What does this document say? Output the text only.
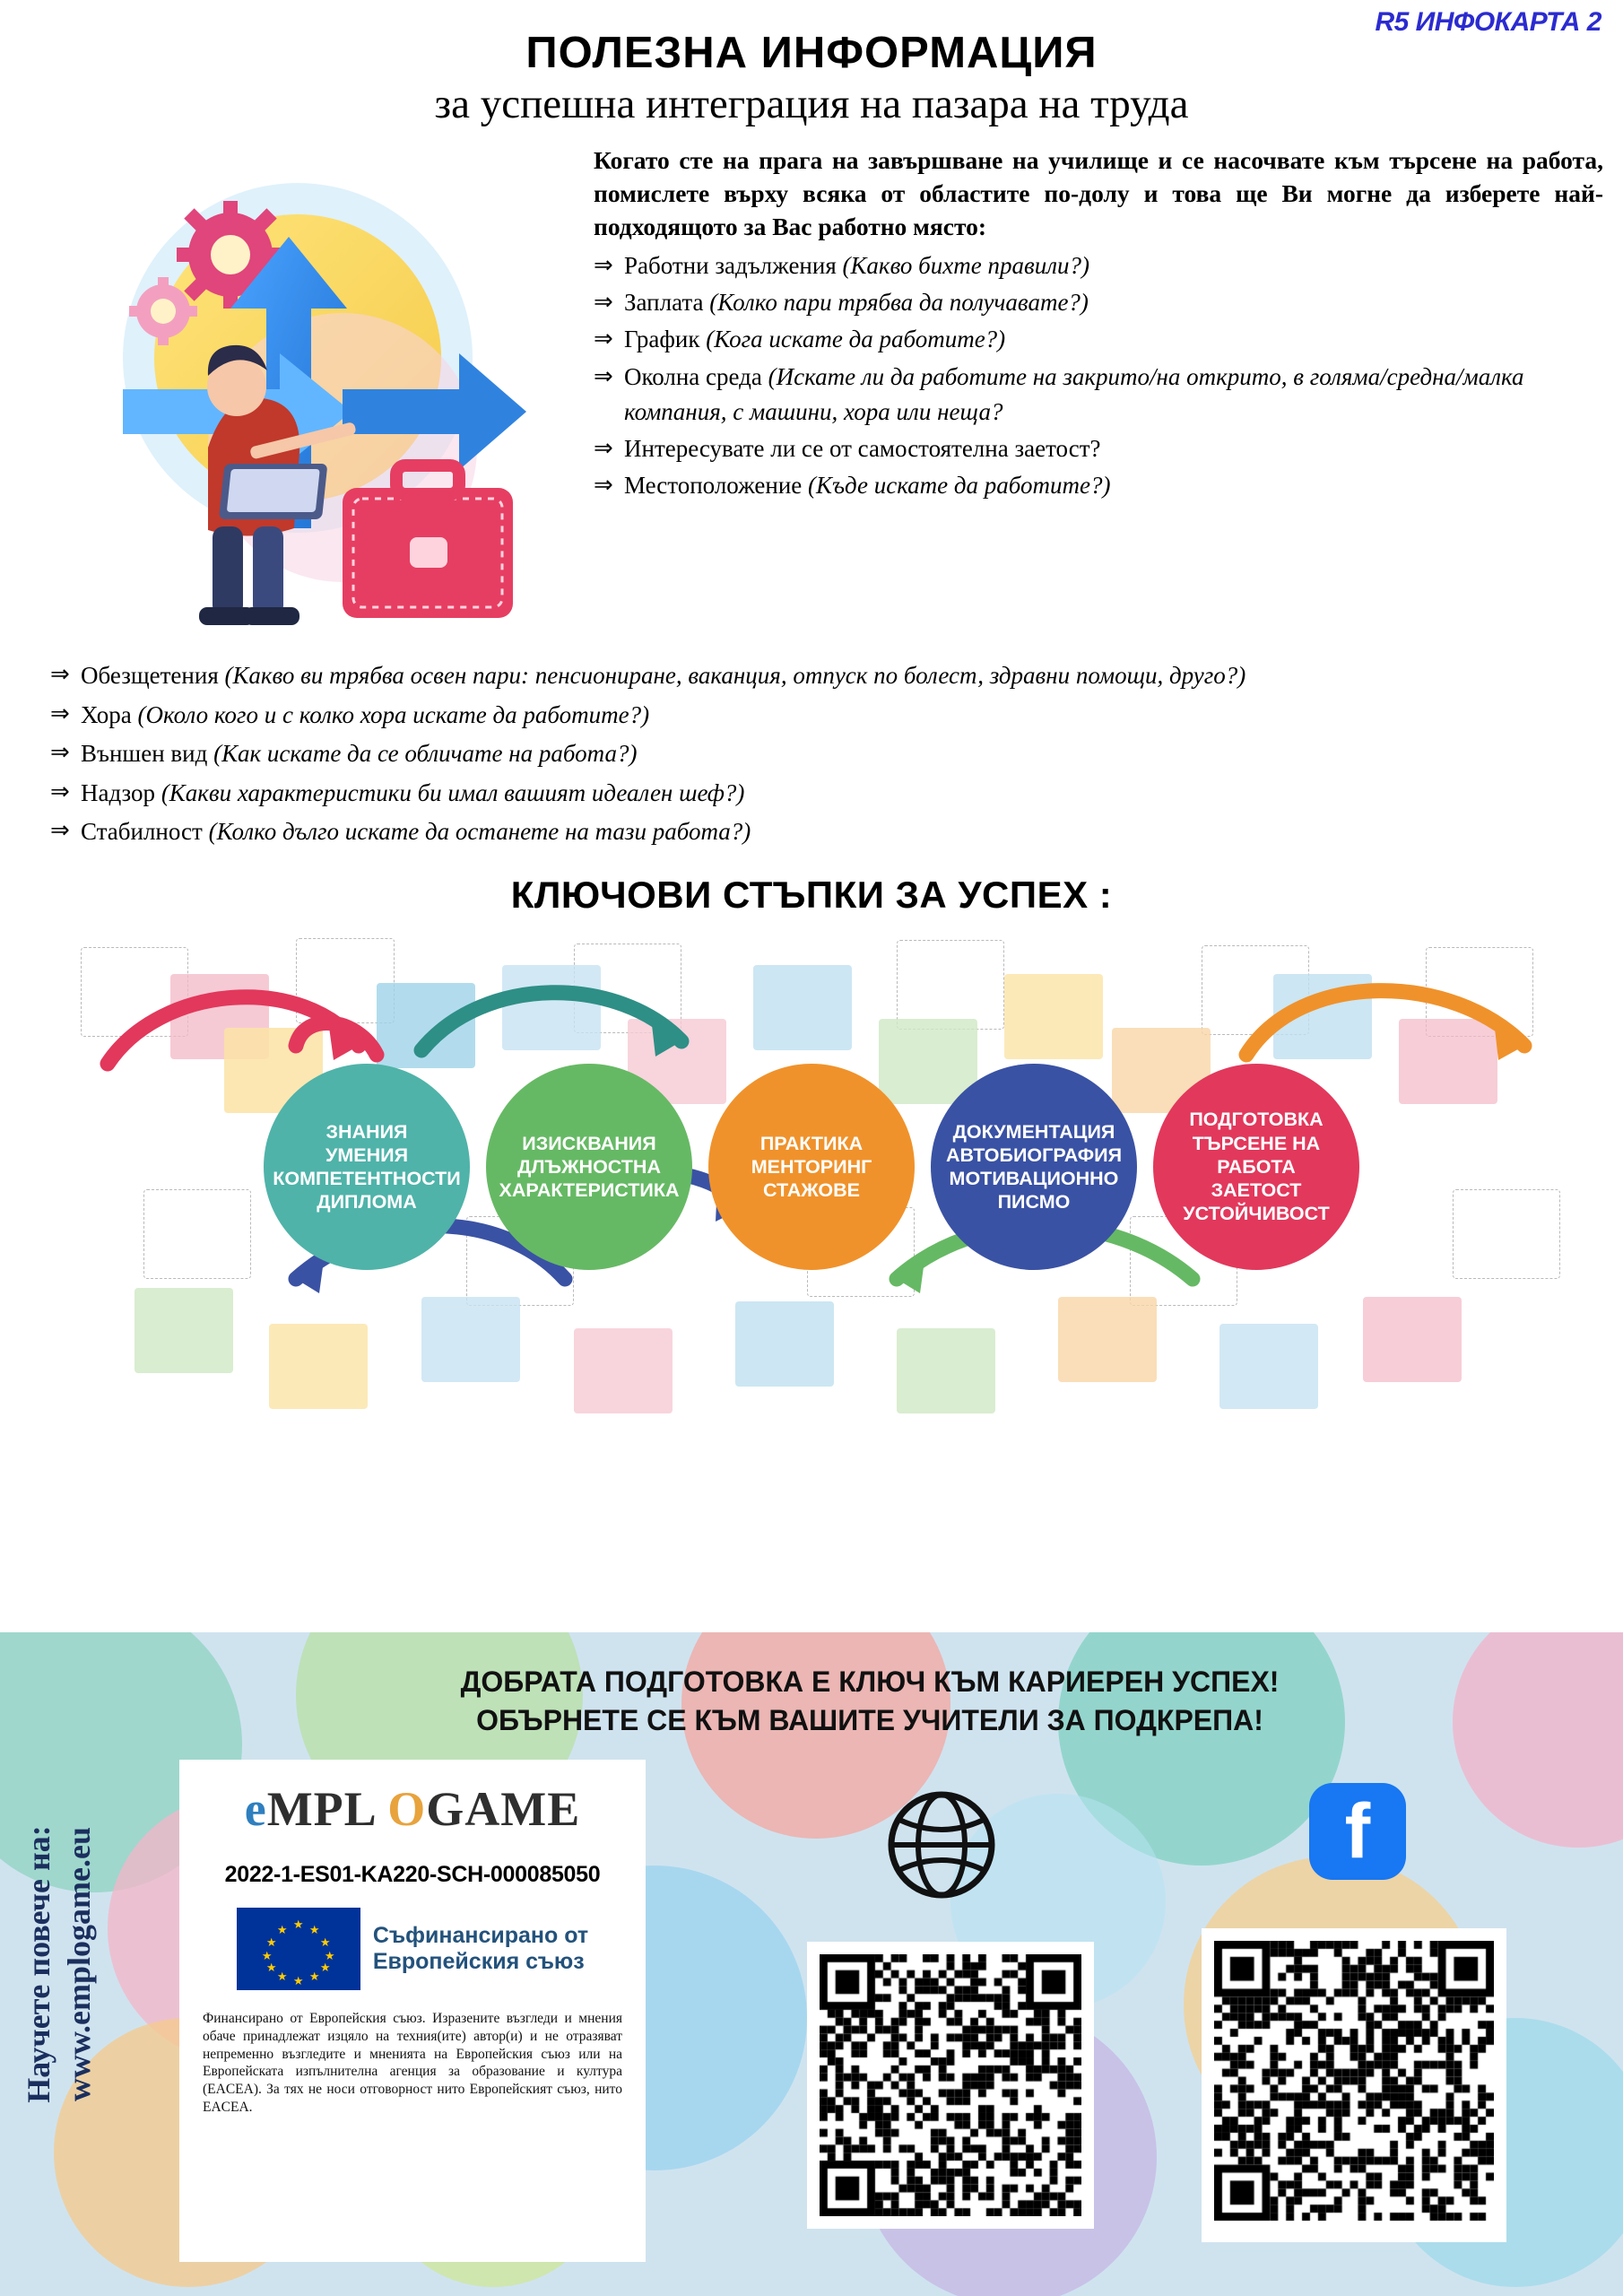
R5 ИНФОКАРТА 2
ПОЛЕЗНА ИНФОРМАЦИЯ
за успешна интеграция на пазара на труда
Когато сте на прага на завършване на училище и се насочвате към търсене на работа, помислете върху всяка от областите по-долу и това ще Ви могне да изберете най-подходящото за Вас работно място:
⇒ Работни задължения (Какво бихте правили?)
⇒ Заплата (Колко пари трябва да получавате?)
⇒ График (Кога искате да работите?)
⇒ Околна среда (Искате ли да работите на закрито/на открито, в голяма/средна/малка компания, с машини, хора или неща?
⇒ Интересувате ли се от самостоятелна заетост?
⇒ Местоположение (Къде искате да работите?)
⇒ Обезщетения (Какво ви трябва освен пари: пенсиониране, ваканция, отпуск по болест, здравни помощи, друго?)
⇒ Хора (Около кого и с колко хора искате да работите?)
⇒ Външен вид (Как искате да се обличате на работа?)
⇒ Надзор (Какви характеристики би имал вашият идеален шеф?)
⇒ Стабилност (Колко дълго искате да останете на тази работа?)
КЛЮЧОВИ СТЪПКИ ЗА УСПЕХ :
ЗНАНИЯ
УМЕНИЯ
КОМПЕТЕНТНОСТИ
ДИПЛОМА
ИЗИСКВАНИЯ
ДЛЪЖНОСТНА
ХАРАКТЕРИСТИКА
ПРАКТИКА
МЕНТОРИНГ
СТАЖОВЕ
ДОКУМЕНТАЦИЯ
АВТОБИОГРАФИЯ
МОТИВАЦИОННО
ПИСМО
ПОДГОТОВКА
ТЪРСЕНЕ НА РАБОТА
ЗАЕТОСТ
УСТОЙЧИВОСТ
Научете повече на: www.emplogame.eu
ДОБРАТА ПОДГОТОВКА Е КЛЮЧ КЪМ КАРИЕРЕН УСПЕХ!
ОБЪРНЕТЕ СЕ КЪМ ВАШИТЕ УЧИТЕЛИ ЗА ПОДКРЕПА!
eMPL OGAME
2022-1-ES01-KA220-SCH-000085050
★
★ ★
★	★
★	★
★	★
★ ★
★
Съфинансирано от
Европейския съюз
Финансирано от Европейския съюз. Изразените възгледи и мнения обаче принадлежат изцяло на техния(ите) автор(и) и не отразяват непременно възгледите и мненията на Европейския съюз или на Европейската изпълнителна агенция за образование и култура (EACEA). За тях не носи отговорност нито Европейският съюз, нито EACEA.
f
